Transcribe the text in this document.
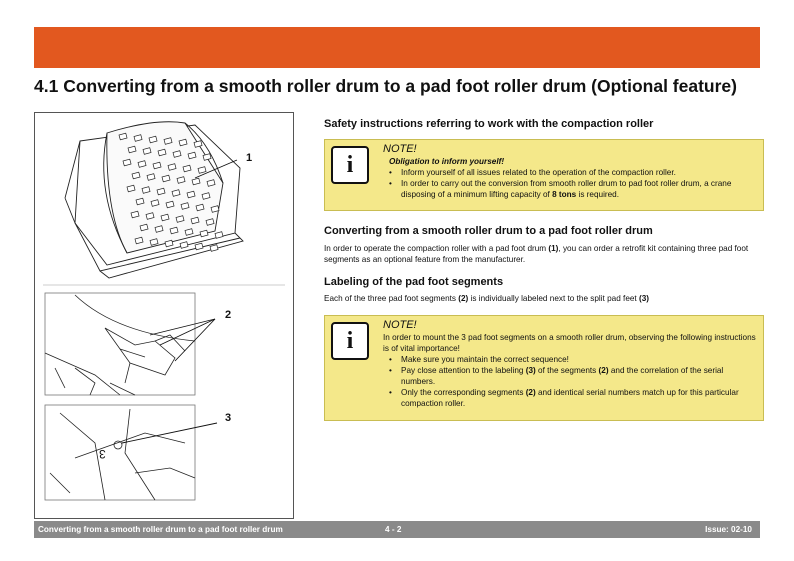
4.1 Converting from a smooth roller drum to a pad foot roller drum (Optional feature)
1
2
3
3
Safety instructions referring to work with the compaction roller
i
NOTE!
Obligation to inform yourself!
• Inform yourself of all issues related to the operation of the compaction roller.
• In order to carry out the conversion from smooth roller drum to pad foot roller drum, a crane disposing of a minimum lifting capacity of 8 tons is required.
Converting from a smooth roller drum to a pad foot roller drum

In order to operate the compaction roller with a pad foot drum (1), you can order a retrofit kit containing three pad foot segments as an optional feature from the manufacturer.

Labeling of the pad foot segments

Each of the three pad foot segments (2) is individually labeled next to the split pad feet (3)

i
NOTE!
In order to mount the 3 pad foot segments on a smooth roller drum, observing the following instructions is of vital importance!
• Make sure you maintain the correct sequence!
• Pay close attention to the labeling (3) of the segments (2) and the correlation of the serial numbers.
• Only the corresponding segments (2) and identical serial numbers match up for this particular compaction roller.
Converting from a smooth roller drum to a pad foot roller drum	4 - 2	Issue: 02-10
